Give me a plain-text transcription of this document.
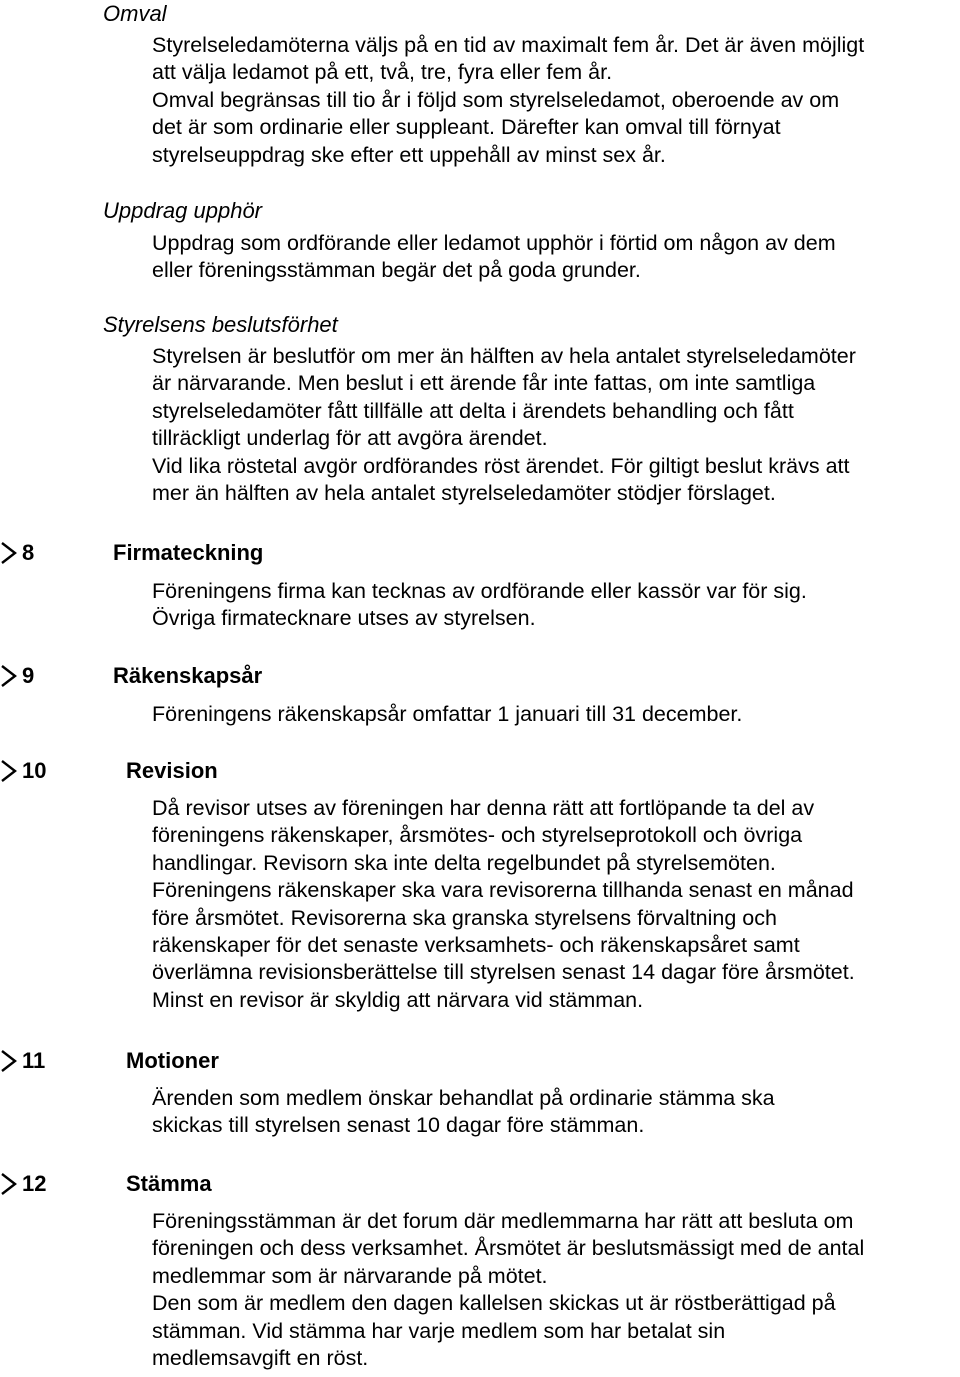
Omval
Styrelseledamöterna väljs på en tid av maximalt fem år. Det är även möjligt
att välja ledamot på ett, två, tre, fyra eller fem år.
Omval begränsas till tio år i följd som styrelseledamot, oberoende av om
det är som ordinarie eller suppleant. Därefter kan omval till förnyat
styrelseuppdrag ske efter ett uppehåll av minst sex år.
Uppdrag upphör
Uppdrag som ordförande eller ledamot upphör i förtid om någon av dem
eller föreningsstämman begär det på goda grunder.
Styrelsens beslutsförhet
Styrelsen är beslutför om mer än hälften av hela antalet styrelseledamöter
är närvarande. Men beslut i ett ärende får inte fattas, om inte samtliga
styrelseledamöter fått tillfälle att delta i ärendets behandling och fått
tillräckligt underlag för att avgöra ärendet.
Vid lika röstetal avgör ordförandes röst ärendet. För giltigt beslut krävs att
mer än hälften av hela antalet styrelseledamöter stödjer förslaget.
8	Firmateckning
Föreningens firma kan tecknas av ordförande eller kassör var för sig.
Övriga firmatecknare utses av styrelsen.
9	Räkenskapsår
Föreningens räkenskapsår omfattar 1 januari till 31 december.
10	Revision
Då revisor utses av föreningen har denna rätt att fortlöpande ta del av
föreningens räkenskaper, årsmötes- och styrelseprotokoll och övriga
handlingar. Revisorn ska inte delta regelbundet på styrelsemöten.
Föreningens räkenskaper ska vara revisorerna tillhanda senast en månad
före årsmötet. Revisorerna ska granska styrelsens förvaltning och
räkenskaper för det senaste verksamhets- och räkenskapsåret samt
överlämna revisionsberättelse till styrelsen senast 14 dagar före årsmötet.
Minst en revisor är skyldig att närvara vid stämman.
11	Motioner
Ärenden som medlem önskar behandlat på ordinarie stämma ska
skickas till styrelsen senast 10 dagar före stämman.
12	Stämma
Föreningsstämman är det forum där medlemmarna har rätt att besluta om
föreningen och dess verksamhet. Årsmötet är beslutsmässigt med de antal
medlemmar som är närvarande på mötet.
Den som är medlem den dagen kallelsen skickas ut är röstberättigad på
stämman. Vid stämma har varje medlem som har betalat sin
medlemsavgift en röst.
